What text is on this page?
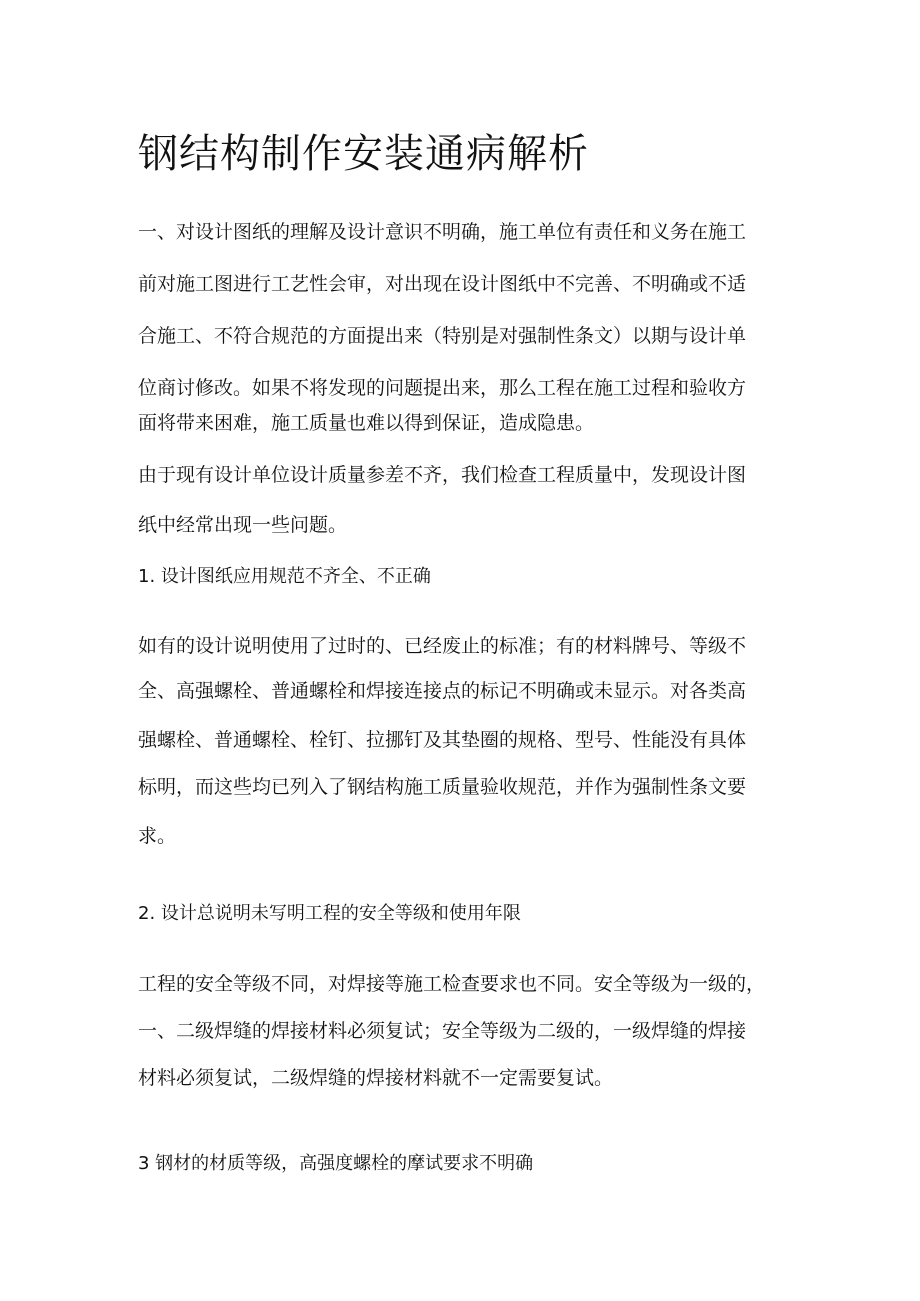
钢结构制作安装通病解析

一、对设计图纸的理解及设计意识不明确，施工单位有责任和义务在施工

前对施工图进行工艺性会审，对出现在设计图纸中不完善、不明确或不适

合施工、不符合规范的方面提出来（特别是对强制性条文）以期与设计单

位商讨修改。如果不将发现的问题提出来，那么工程在施工过程和验收方

面将带来困难，施工质量也难以得到保证，造成隐患。

由于现有设计单位设计质量参差不齐，我们检查工程质量中，发现设计图

纸中经常出现一些问题。

1. 设计图纸应用规范不齐全、不正确

如有的设计说明使用了过时的、已经废止的标准；有的材料牌号、等级不

全、高强螺栓、普通螺栓和焊接连接点的标记不明确或未显示。对各类高

强螺栓、普通螺栓、栓钉、拉挪钉及其垫圈的规格、型号、性能没有具体

标明，而这些均已列入了钢结构施工质量验收规范，并作为强制性条文要

求。

2. 设计总说明未写明工程的安全等级和使用年限

工程的安全等级不同，对焊接等施工检查要求也不同。安全等级为一级的，

一、二级焊缝的焊接材料必须复试；安全等级为二级的，一级焊缝的焊接

材料必须复试，二级焊缝的焊接材料就不一定需要复试。

3 钢材的材质等级，高强度螺栓的摩试要求不明确
